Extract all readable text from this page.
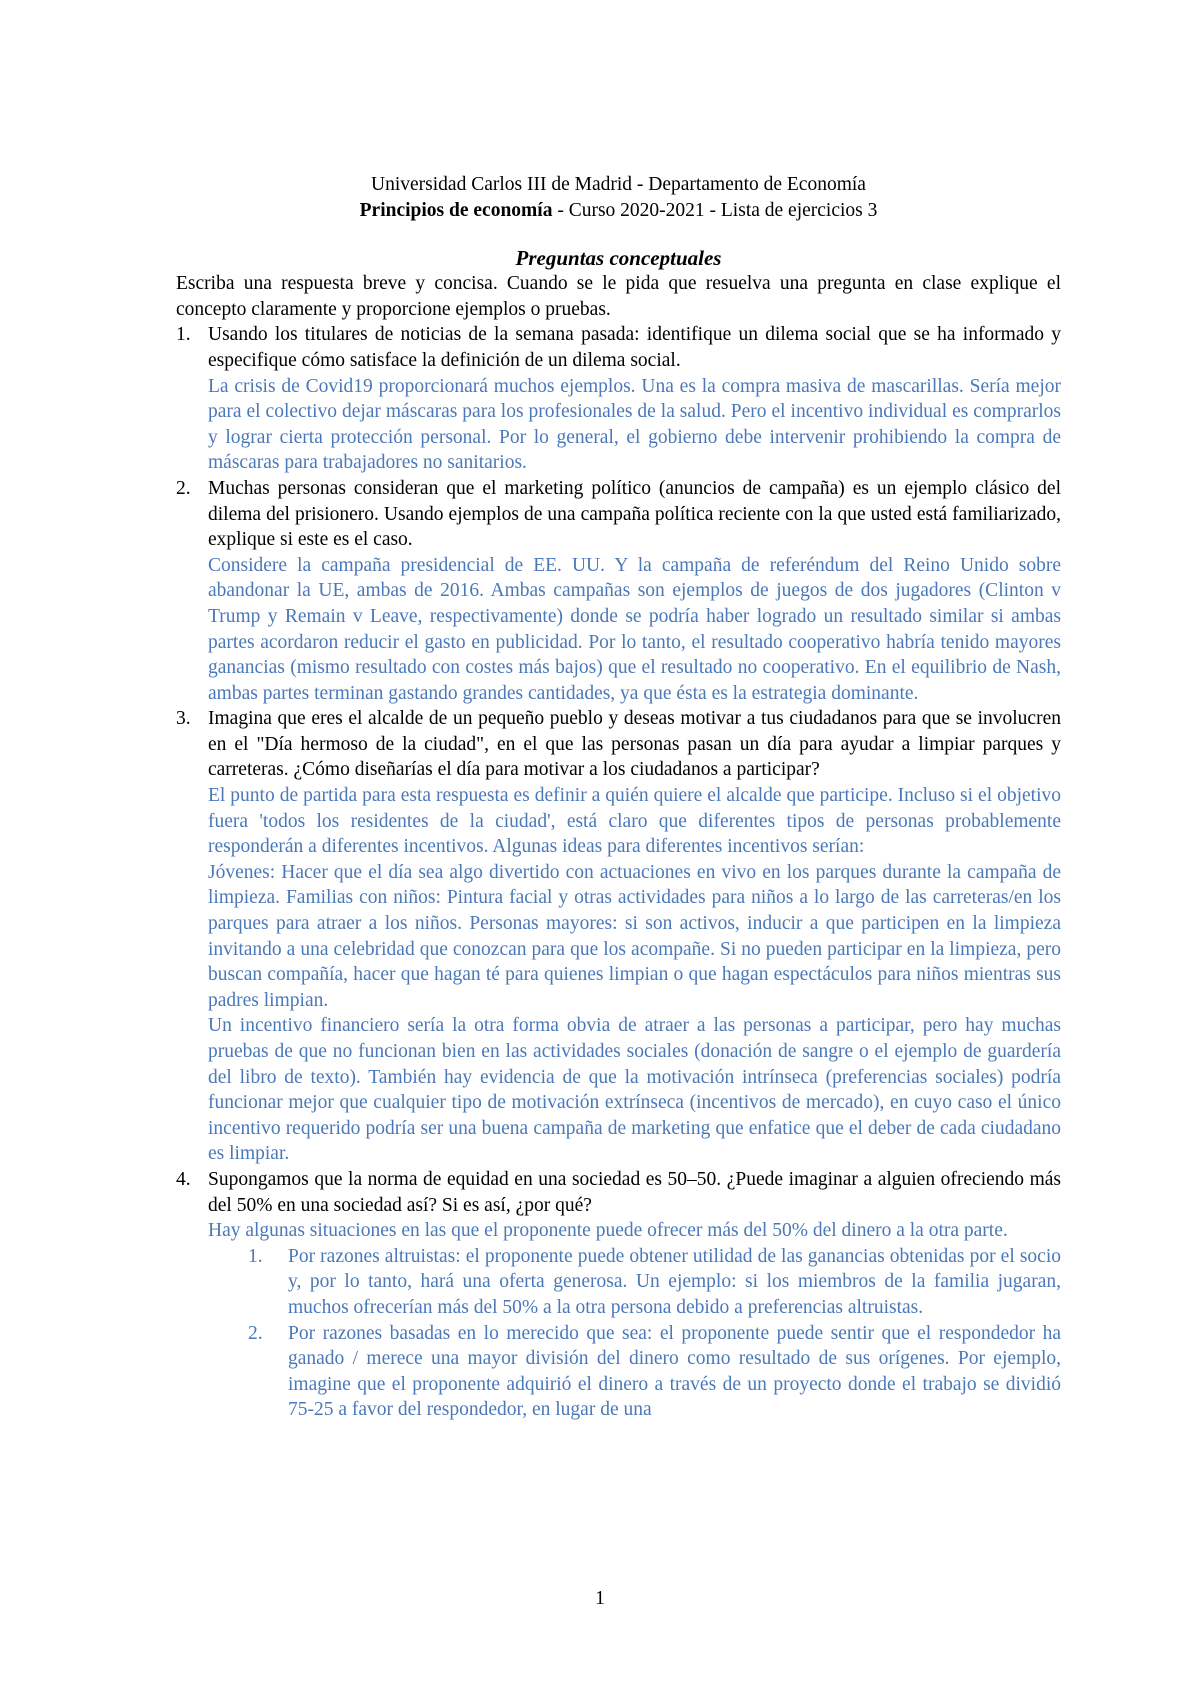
Universidad Carlos III de Madrid - Departamento de Economía
Principios de economía - Curso 2020-2021 - Lista de ejercicios 3
Preguntas conceptuales
Escriba una respuesta breve y concisa. Cuando se le pida que resuelva una pregunta en clase explique el concepto claramente y proporcione ejemplos o pruebas.
1. Usando los titulares de noticias de la semana pasada: identifique un dilema social que se ha informado y especifique cómo satisface la definición de un dilema social.
La crisis de Covid19 proporcionará muchos ejemplos. Una es la compra masiva de mascarillas. Sería mejor para el colectivo dejar máscaras para los profesionales de la salud. Pero el incentivo individual es comprarlos y lograr cierta protección personal. Por lo general, el gobierno debe intervenir prohibiendo la compra de máscaras para trabajadores no sanitarios.
2. Muchas personas consideran que el marketing político (anuncios de campaña) es un ejemplo clásico del dilema del prisionero. Usando ejemplos de una campaña política reciente con la que usted está familiarizado, explique si este es el caso.
Considere la campaña presidencial de EE. UU. Y la campaña de referéndum del Reino Unido sobre abandonar la UE, ambas de 2016. Ambas campañas son ejemplos de juegos de dos jugadores (Clinton v Trump y Remain v Leave, respectivamente) donde se podría haber logrado un resultado similar si ambas partes acordaron reducir el gasto en publicidad. Por lo tanto, el resultado cooperativo habría tenido mayores ganancias (mismo resultado con costes más bajos) que el resultado no cooperativo. En el equilibrio de Nash, ambas partes terminan gastando grandes cantidades, ya que ésta es la estrategia dominante.
3. Imagina que eres el alcalde de un pequeño pueblo y deseas motivar a tus ciudadanos para que se involucren en el "Día hermoso de la ciudad", en el que las personas pasan un día para ayudar a limpiar parques y carreteras. ¿Cómo diseñarías el día para motivar a los ciudadanos a participar?
El punto de partida para esta respuesta es definir a quién quiere el alcalde que participe. Incluso si el objetivo fuera 'todos los residentes de la ciudad', está claro que diferentes tipos de personas probablemente responderán a diferentes incentivos. Algunas ideas para diferentes incentivos serían:
Jóvenes: Hacer que el día sea algo divertido con actuaciones en vivo en los parques durante la campaña de limpieza. Familias con niños: Pintura facial y otras actividades para niños a lo largo de las carreteras/en los parques para atraer a los niños. Personas mayores: si son activos, inducir a que participen en la limpieza invitando a una celebridad que conozcan para que los acompañe. Si no pueden participar en la limpieza, pero buscan compañía, hacer que hagan té para quienes limpian o que hagan espectáculos para niños mientras sus padres limpian.
Un incentivo financiero sería la otra forma obvia de atraer a las personas a participar, pero hay muchas pruebas de que no funcionan bien en las actividades sociales (donación de sangre o el ejemplo de guardería del libro de texto). También hay evidencia de que la motivación intrínseca (preferencias sociales) podría funcionar mejor que cualquier tipo de motivación extrínseca (incentivos de mercado), en cuyo caso el único incentivo requerido podría ser una buena campaña de marketing que enfatice que el deber de cada ciudadano es limpiar.
4. Supongamos que la norma de equidad en una sociedad es 50–50. ¿Puede imaginar a alguien ofreciendo más del 50% en una sociedad así? Si es así, ¿por qué?
Hay algunas situaciones en las que el proponente puede ofrecer más del 50% del dinero a la otra parte.
1. Por razones altruistas: el proponente puede obtener utilidad de las ganancias obtenidas por el socio y, por lo tanto, hará una oferta generosa. Un ejemplo: si los miembros de la familia jugaran, muchos ofrecerían más del 50% a la otra persona debido a preferencias altruistas.
2. Por razones basadas en lo merecido que sea: el proponente puede sentir que el respondedor ha ganado / merece una mayor división del dinero como resultado de sus orígenes. Por ejemplo, imagine que el proponente adquirió el dinero a través de un proyecto donde el trabajo se dividió 75-25 a favor del respondedor, en lugar de una
1
